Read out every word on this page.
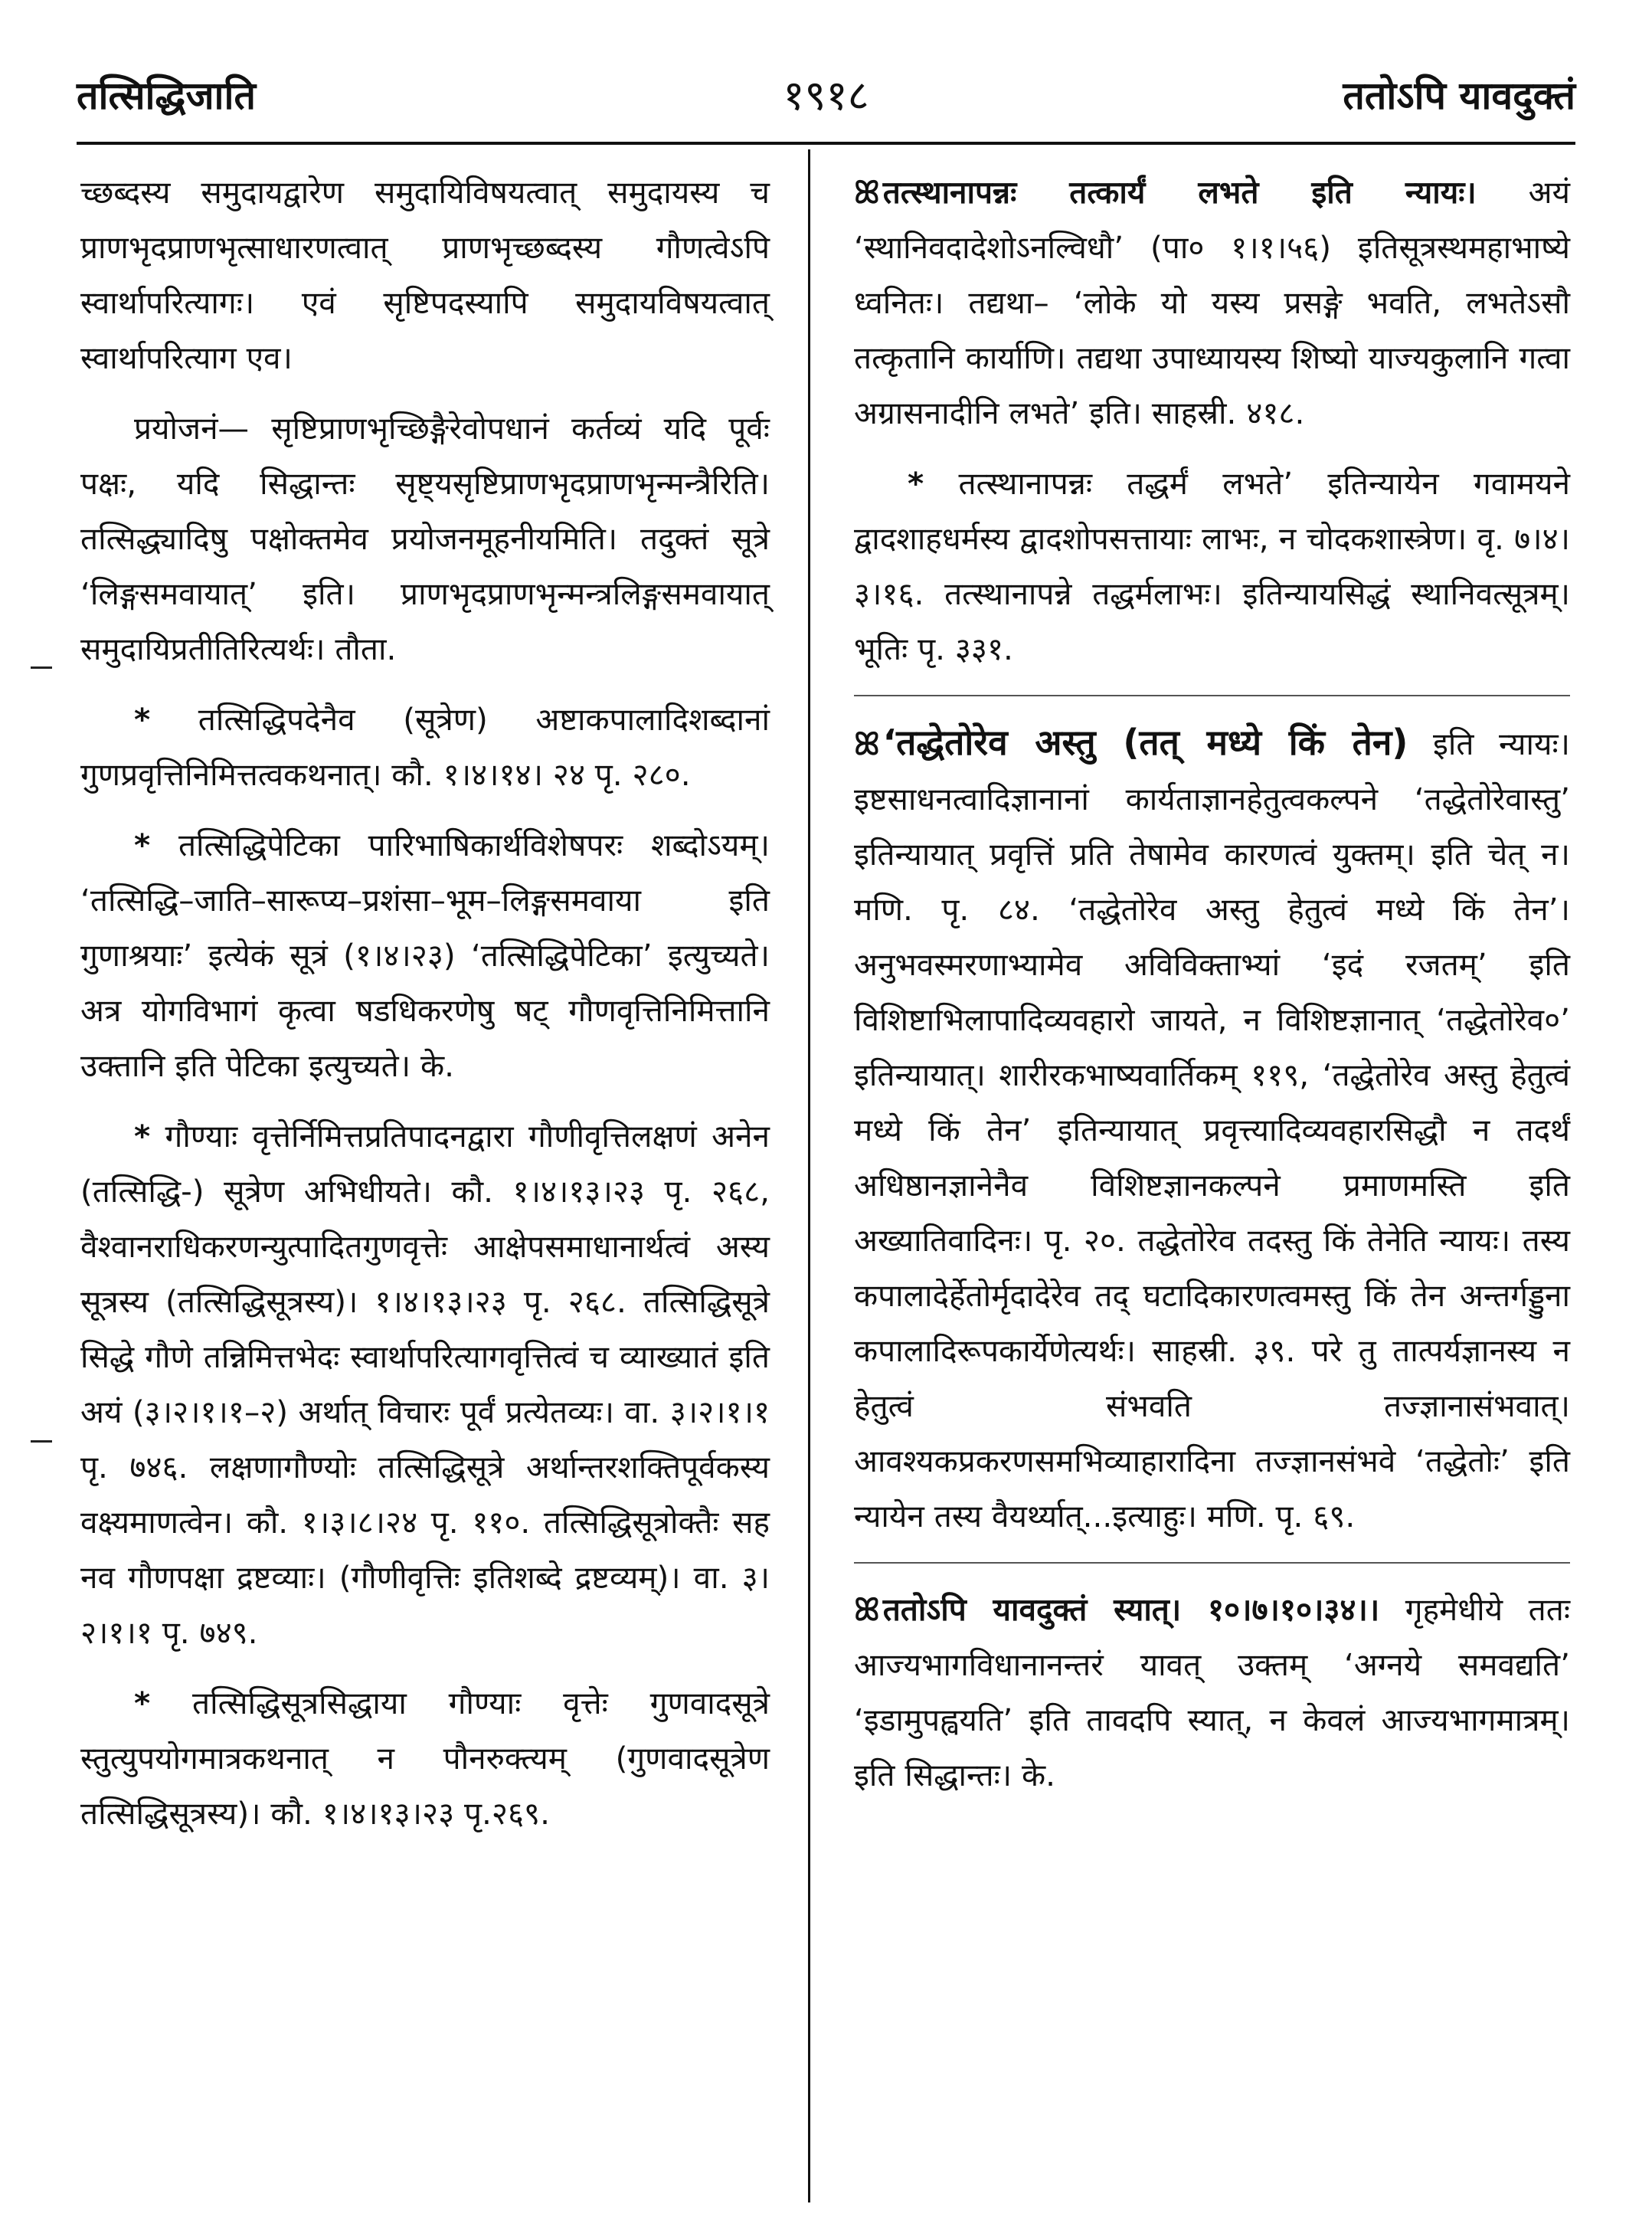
तत्सिद्धिजाति	१९१८	ततोऽपि यावदुक्तं

च्छब्दस्य समुदायद्वारेण समुदायिविषयत्वात् समुदायस्य च प्राणभृदप्राणभृत्साधारणत्वात् प्राणभृच्छब्दस्य गौणत्वेऽपि स्वार्थापरित्यागः। एवं सृष्टिपदस्यापि समुदायविषयत्वात् स्वार्थापरित्याग एव।

प्रयोजनं— सृष्टिप्राणभृच्छिङ्गैरेवोपधानं कर्तव्यं यदि पूर्वः पक्षः, यदि सिद्धान्तः सृष्ट्यसृष्टिप्राणभृदप्राणभृन्मन्त्रैरिति। तत्सिद्ध्यादिषु पक्षोक्तमेव प्रयोजनमूहनीयमिति। तदुक्तं सूत्रे ‘लिङ्गसमवायात्’ इति। प्राणभृदप्राणभृन्मन्त्रलिङ्गसमवायात् समुदायिप्रतीतिरित्यर्थः। तौता.

* तत्सिद्धिपदेनैव (सूत्रेण) अष्टाकपालादिशब्दानां गुणप्रवृत्तिनिमित्तत्वकथनात्। कौ. १।४।१४। २४ पृ. २८०.

* तत्सिद्धिपेटिका पारिभाषिकार्थविशेषपरः शब्दोऽयम्। ‘तत्सिद्धि–जाति–सारूप्य–प्रशंसा–भूम–लिङ्गसमवाया इति गुणाश्रयाः’ इत्येकं सूत्रं (१।४।२३) ‘तत्सिद्धिपेटिका’ इत्युच्यते। अत्र योगविभागं कृत्वा षडधिकरणेषु षट् गौणवृत्तिनिमित्तानि उक्तानि इति पेटिका इत्युच्यते। के.

* गौण्याः वृत्तेर्निमित्तप्रतिपादनद्वारा गौणीवृत्तिलक्षणं अनेन (तत्सिद्धि-) सूत्रेण अभिधीयते। कौ. १।४।१३।२३ पृ. २६८, वैश्वानराधिकरणन्युत्पादितगुणवृत्तेः आक्षेपसमाधानार्थत्वं अस्य सूत्रस्य (तत्सिद्धिसूत्रस्य)। १।४।१३।२३ पृ. २६८. तत्सिद्धिसूत्रे सिद्धे गौणे तन्निमित्तभेदः स्वार्थापरित्यागवृत्तित्वं च व्याख्यातं इति अयं (३।२।१।१–२) अर्थात् विचारः पूर्वं प्रत्येतव्यः। वा. ३।२।१।१ पृ. ७४६. लक्षणागौण्योः तत्सिद्धिसूत्रे अर्थान्तरशक्तिपूर्वकस्य वक्ष्यमाणत्वेन। कौ. १।३।८।२४ पृ. ११०. तत्सिद्धिसूत्रोक्तैः सह नव गौणपक्षा द्रष्टव्याः। (गौणीवृत्तिः इतिशब्दे द्रष्टव्यम्)। वा. ३।२।१।१ पृ. ७४९.

* तत्सिद्धिसूत्रसिद्धाया गौण्याः वृत्तेः गुणवादसूत्रे स्तुत्युपयोगमात्रकथनात् न पौनरुक्त्यम् (गुणवादसूत्रेण तत्सिद्धिसूत्रस्य)। कौ. १।४।१३।२३ पृ.२६९.

ꕤतत्स्थानापन्नः तत्कार्यं लभते इति न्यायः। अयं ‘स्थानिवदादेशोऽनल्विधौ’ (पा० १।१।५६) इतिसूत्रस्थमहाभाष्ये ध्वनितः। तद्यथा– ‘लोके यो यस्य प्रसङ्गे भवति, लभतेऽसौ तत्कृतानि कार्याणि। तद्यथा उपाध्यायस्य शिष्यो याज्यकुलानि गत्वा अग्रासनादीनि लभते’ इति। साहस्री. ४१८.

* तत्स्थानापन्नः तद्धर्मं लभते’ इतिन्यायेन गवामयने द्वादशाहधर्मस्य द्वादशोपसत्तायाः लाभः, न चोदकशास्त्रेण। वृ. ७।४।३।१६. तत्स्थानापन्ने तद्धर्मलाभः। इतिन्यायसिद्धं स्थानिवत्सूत्रम्। भूतिः पृ. ३३१.

ꕤ‘तद्धेतोरेव अस्तु (तत् मध्ये किं तेन) इति न्यायः। इष्टसाधनत्वादिज्ञानानां कार्यताज्ञानहेतुत्वकल्पने ‘तद्धेतोरेवास्तु’ इतिन्यायात् प्रवृत्तिं प्रति तेषामेव कारणत्वं युक्तम्। इति चेत् न। मणि. पृ. ८४. ‘तद्धेतोरेव अस्तु हेतुत्वं मध्ये किं तेन’। अनुभवस्मरणाभ्यामेव अविविक्ताभ्यां ‘इदं रजतम्’ इति विशिष्टाभिलापादिव्यवहारो जायते, न विशिष्टज्ञानात् ‘तद्धेतोरेव०’ इतिन्यायात्। शारीरकभाष्यवार्तिकम् ११९, ‘तद्धेतोरेव अस्तु हेतुत्वं मध्ये किं तेन’ इतिन्यायात् प्रवृत्त्यादिव्यवहारसिद्धौ न तदर्थं अधिष्ठानज्ञानेनैव विशिष्टज्ञानकल्पने प्रमाणमस्ति इति अख्यातिवादिनः। पृ. २०. तद्धेतोरेव तदस्तु किं तेनेति न्यायः। तस्य कपालादेर्हेतोर्मृदादेरेव तद् घटादिकारणत्वमस्तु किं तेन अन्तर्गड्डुना कपालादिरूपकार्येणेत्यर्थः। साहस्री. ३९. परे तु तात्पर्यज्ञानस्य न हेतुत्वं संभवति तज्ज्ञानासंभवात्। आवश्यकप्रकरणसमभिव्याहारादिना तज्ज्ञानसंभवे ‘तद्धेतोः’ इति न्यायेन तस्य वैयर्थ्यात्...इत्याहुः। मणि. पृ. ६९.

ꕤततोऽपि यावदुक्तं स्यात्। १०।७।१०।३४।। गृहमेधीये ततः आज्यभागविधानानन्तरं यावत् उक्तम् ‘अग्नये समवद्यति’ ‘इडामुपह्वयति’ इति तावदपि स्यात्, न केवलं आज्यभागमात्रम्। इति सिद्धान्तः। के.
